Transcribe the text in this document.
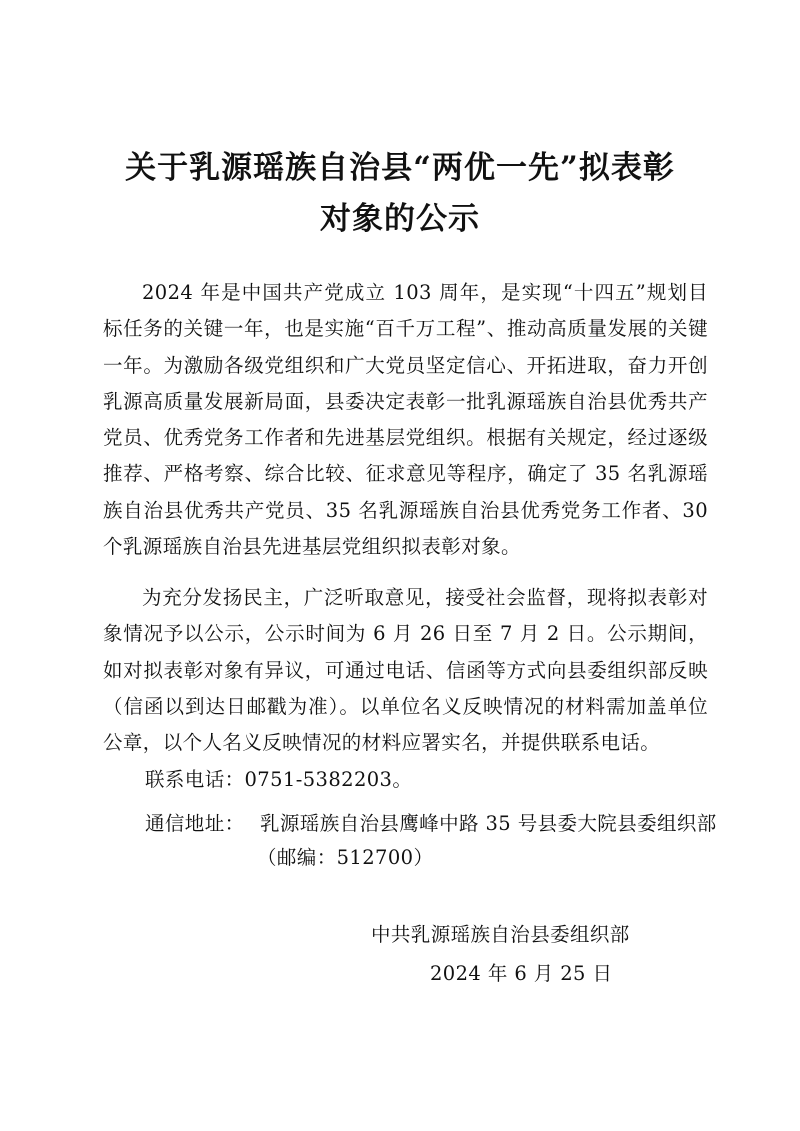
关于乳源瑶族自治县“两优一先”拟表彰
对象的公示

2024 年是中国共产党成立 103 周年，是实现“十四五”规划目标任务的关键一年，也是实施“百千万工程”、推动高质量发展的关键一年。为激励各级党组织和广大党员坚定信心、开拓进取，奋力开创乳源高质量发展新局面，县委决定表彰一批乳源瑶族自治县优秀共产党员、优秀党务工作者和先进基层党组织。根据有关规定，经过逐级推荐、严格考察、综合比较、征求意见等程序，确定了 35 名乳源瑶族自治县优秀共产党员、35 名乳源瑶族自治县优秀党务工作者、30 个乳源瑶族自治县先进基层党组织拟表彰对象。

为充分发扬民主，广泛听取意见，接受社会监督，现将拟表彰对象情况予以公示，公示时间为 6 月 26 日至 7 月 2 日。公示期间，如对拟表彰对象有异议，可通过电话、信函等方式向县委组织部反映（信函以到达日邮戳为准）。以单位名义反映情况的材料需加盖单位公章，以个人名义反映情况的材料应署实名，并提供联系电话。

联系电话：0751-5382203。
通信地址： 乳源瑶族自治县鹰峰中路 35 号县委大院县委组织部
（邮编：512700）
中共乳源瑶族自治县委组织部
2024 年 6 月 25 日
